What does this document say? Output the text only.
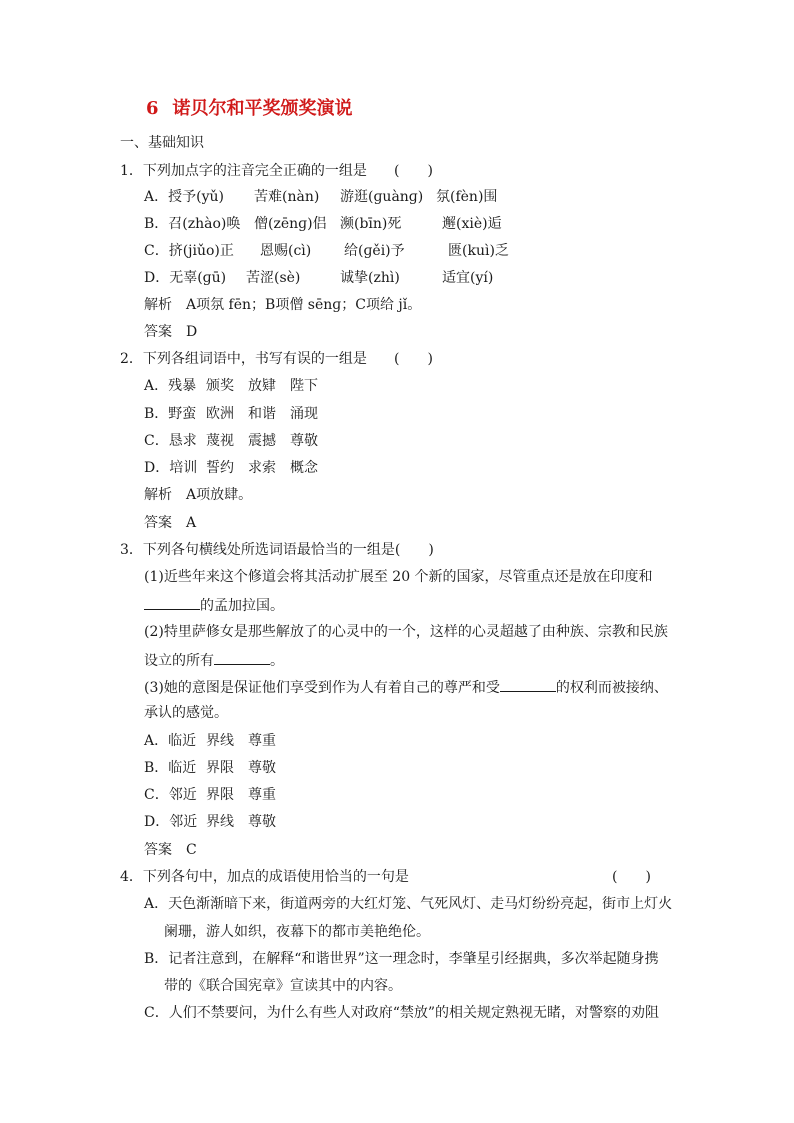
6 诺贝尔和平奖颁奖演说
一、基础知识
1．下列加点字的注音完全正确的一组是 (　　)
A．授予(yǔ) 苦难(nàn) 游逛(ɡuànɡ) 氛(fèn)围
B．召(zhào)唤 僧(zēnɡ)侣 濒(bīn)死	邂(xiè)逅
C．挤(jiǔo)正 恩赐(cì) 给(ɡěi)予	匮(kuì)乏
D．无辜(ɡū) 苦涩(sè)	诚挚(zhì)	适宜(yí)
解析　A项氛 fēn；B项僧 sēnɡ；C项给 jǐ。
答案　D
2．下列各组词语中，书写有误的一组是 (　　)
A．残暴 颁奖 放肄 陛下
B．野蛮 欧洲 和谐 涌现
C．恳求 蔑视 震撼 尊敬
D．培训 誓约 求索 概念
解析　A项放肆。
答案　A
3．下列各句横线处所选词语最恰当的一组是(　　)
(1)近些年来这个修道会将其活动扩展至 20 个新的国家，尽管重点还是放在印度和
的孟加拉国。
(2)特里萨修女是那些解放了的心灵中的一个，这样的心灵超越了由种族、宗教和民族
设立的所有	。
(3)她的意图是保证他们享受到作为人有着自己的尊严和受	的权利而被接纳、
承认的感觉。
A．临近 界线 尊重
B．临近 界限 尊敬
C．邻近 界限 尊重
D．邻近 界线 尊敬
答案　C
4．下列各句中，加点的成语使用恰当的一句是	(　　)
A．天色渐渐暗下来，街道两旁的大红灯笼、气死风灯、走马灯纷纷亮起，街市上灯火
阑珊，游人如织，夜幕下的都市美艳绝伦。
B．记者注意到，在解释“和谐世界”这一理念时，李肇星引经据典，多次举起随身携
带的《联合国宪章》宣读其中的内容。
C．人们不禁要问，为什么有些人对政府“禁放”的相关规定熟视无睹，对警察的劝阻
